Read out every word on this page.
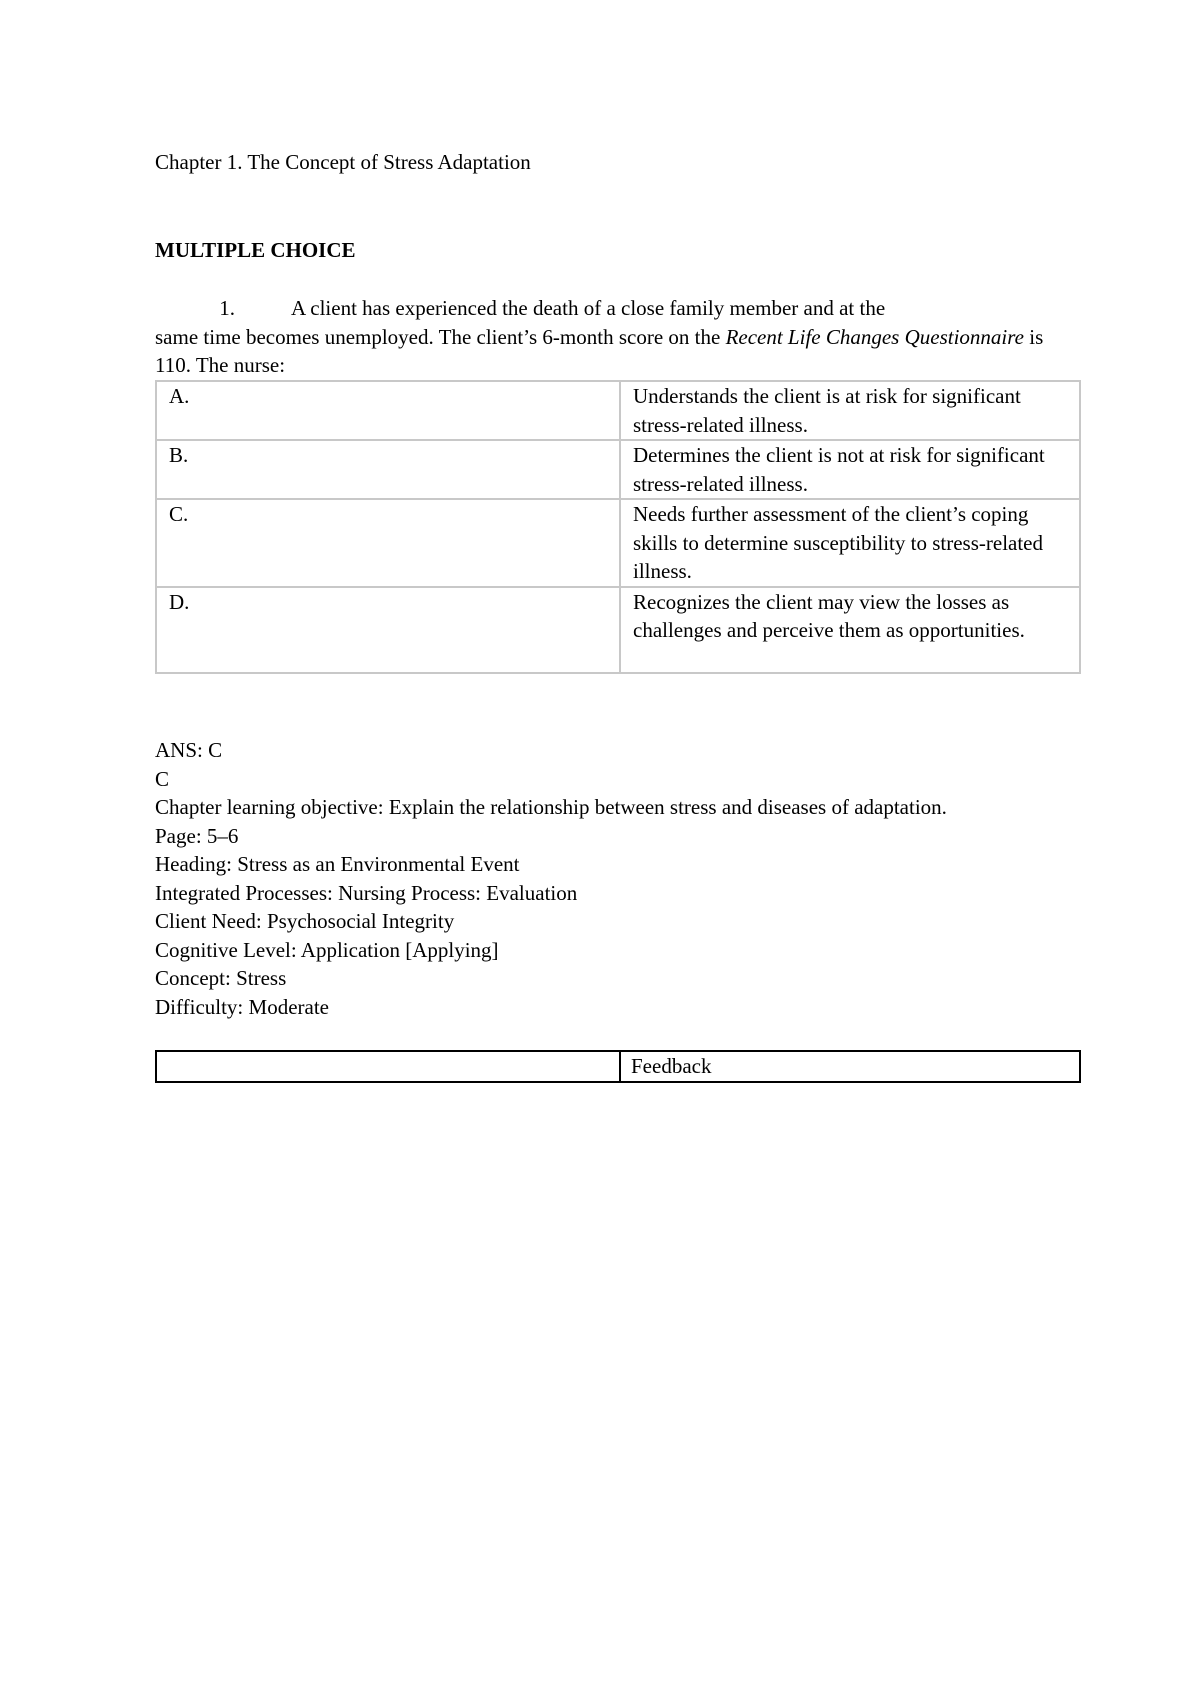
Chapter 1. The Concept of Stress Adaptation
MULTIPLE CHOICE

1.	A client has experienced the death of a close family member and at the

same time becomes unemployed. The client’s 6-month score on the Recent Life Changes Questionnaire is 110. The nurse:

A.	Understands the client is at risk for significant stress-related illness.
B.	Determines the client is not at risk for significant stress-related illness.
C.	Needs further assessment of the client’s coping skills to determine susceptibility to stress-related illness.
D.	Recognizes the client may view the losses as challenges and perceive them as opportunities.

ANS: C

C

Chapter learning objective: Explain the relationship between stress and diseases of adaptation.

Page: 5–6

Heading: Stress as an Environmental Event

Integrated Processes: Nursing Process: Evaluation

Client Need: Psychosocial Integrity

Cognitive Level: Application [Applying]

Concept: Stress

Difficulty: Moderate

	Feedback
